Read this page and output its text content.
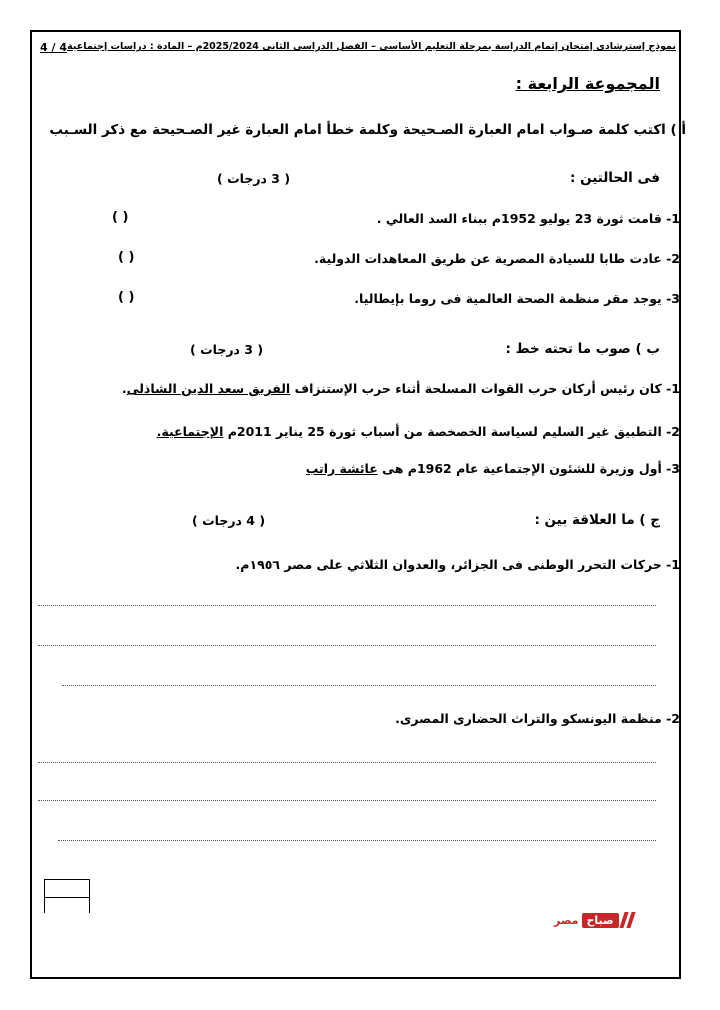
نموذج إسترشادى إمتحان إتمام الدراسة بمرحلة التعليم الأساسى – الفصل الدراسى الثانى 2025/2024م – المادة : دراسات إجتماعية
4 / 4
المجموعة الرابعة :
أ ) اكتب كلمة صـواب امام العبارة الصـحيحة وكلمة خطأ امام العبارة غير الصـحيحة مع ذكر السـبب
فى الحالتين :
( 3 درجات )
1- قامت ثورة 23 يوليو 1952م ببناء السد العالي .
( )
2- عادت طابا للسيادة المصرية عن طريق المعاهدات الدولية.
( )
3- يوجد مقر منظمة الصحة العالمية فى روما بإيطاليا.
( )
ب ) صوب ما تحته خط :
( 3 درجات )
1- كان رئيس أركان حرب القوات المسلحة أثناء حرب الإستنزاف الفريق سعد الدين الشاذلى.
2- التطبيق غير السليم لسياسة الخصخصة من أسباب ثورة 25 يناير 2011م الإجتماعية.
3- أول وزيرة للشئون الإجتماعية عام 1962م هى عائشة راتب
ج ) ما العلاقة بين :
( 4 درجات )
1- حركات التحرر الوطنى فى الجزائر، والعدوان الثلاثي على مصر ١٩٥٦م.
2- منظمة اليونسكو والتراث الحضارى المصرى.
مصر صباح
